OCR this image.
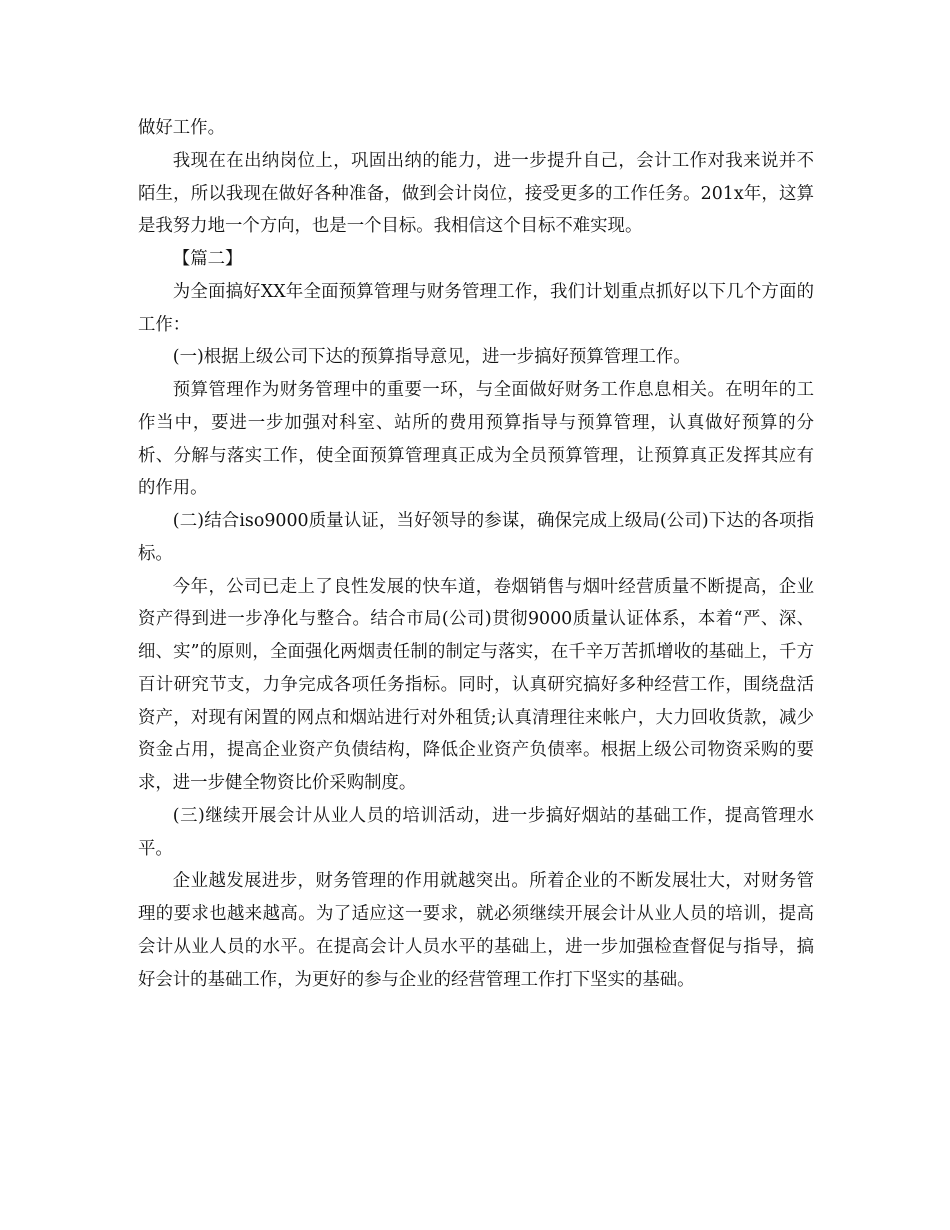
做好工作。

我现在在出纳岗位上，巩固出纳的能力，进一步提升自己，会计工作对我来说并不陌生，所以我现在做好各种准备，做到会计岗位，接受更多的工作任务。201x年，这算是我努力地一个方向，也是一个目标。我相信这个目标不难实现。

【篇二】

为全面搞好XX年全面预算管理与财务管理工作，我们计划重点抓好以下几个方面的工作：

(一)根据上级公司下达的预算指导意见，进一步搞好预算管理工作。

预算管理作为财务管理中的重要一环，与全面做好财务工作息息相关。在明年的工作当中，要进一步加强对科室、站所的费用预算指导与预算管理，认真做好预算的分析、分解与落实工作，使全面预算管理真正成为全员预算管理，让预算真正发挥其应有的作用。

(二)结合iso9000质量认证，当好领导的参谋，确保完成上级局(公司)下达的各项指标。

今年，公司已走上了良性发展的快车道，卷烟销售与烟叶经营质量不断提高，企业资产得到进一步净化与整合。结合市局(公司)贯彻9000质量认证体系，本着“严、深、细、实”的原则，全面强化两烟责任制的制定与落实，在千辛万苦抓增收的基础上，千方百计研究节支，力争完成各项任务指标。同时，认真研究搞好多种经营工作，围绕盘活资产，对现有闲置的网点和烟站进行对外租赁;认真清理往来帐户，大力回收货款，减少资金占用，提高企业资产负债结构，降低企业资产负债率。根据上级公司物资采购的要求，进一步健全物资比价采购制度。

(三)继续开展会计从业人员的培训活动，进一步搞好烟站的基础工作，提高管理水平。

企业越发展进步，财务管理的作用就越突出。所着企业的不断发展壮大，对财务管理的要求也越来越高。为了适应这一要求，就必须继续开展会计从业人员的培训，提高会计从业人员的水平。在提高会计人员水平的基础上，进一步加强检查督促与指导，搞好会计的基础工作，为更好的参与企业的经营管理工作打下坚实的基础。
